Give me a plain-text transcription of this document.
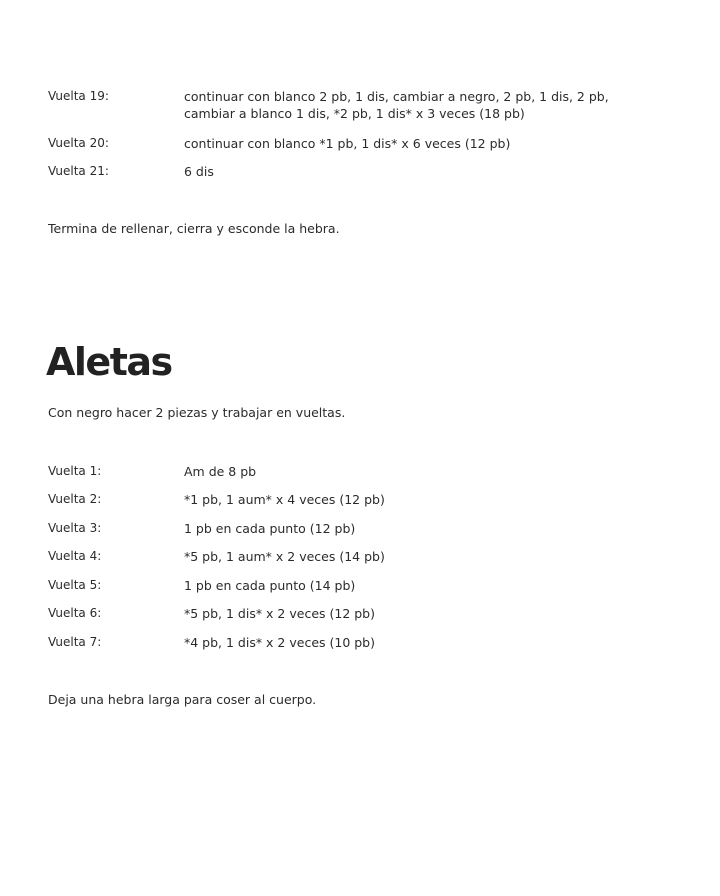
Vuelta 19:	continuar con blanco 2 pb, 1 dis, cambiar a negro, 2 pb, 1 dis, 2 pb,
cambiar a blanco 1 dis, *2 pb, 1 dis* x 3 veces (18 pb)
Vuelta 20:	continuar con blanco *1 pb, 1 dis* x 6 veces (12 pb)
Vuelta 21:	6 dis
Termina de rellenar, cierra y esconde la hebra.
Aletas
Con negro hacer 2 piezas y trabajar en vueltas.
Vuelta 1:	Am de 8 pb
Vuelta 2:	*1 pb, 1 aum* x 4 veces (12 pb)
Vuelta 3:	1 pb en cada punto (12 pb)
Vuelta 4:	*5 pb, 1 aum* x 2 veces (14 pb)
Vuelta 5:	1 pb en cada punto (14 pb)
Vuelta 6:	*5 pb, 1 dis* x 2 veces (12 pb)
Vuelta 7:	*4 pb, 1 dis* x 2 veces (10 pb)
Deja una hebra larga para coser al cuerpo.
